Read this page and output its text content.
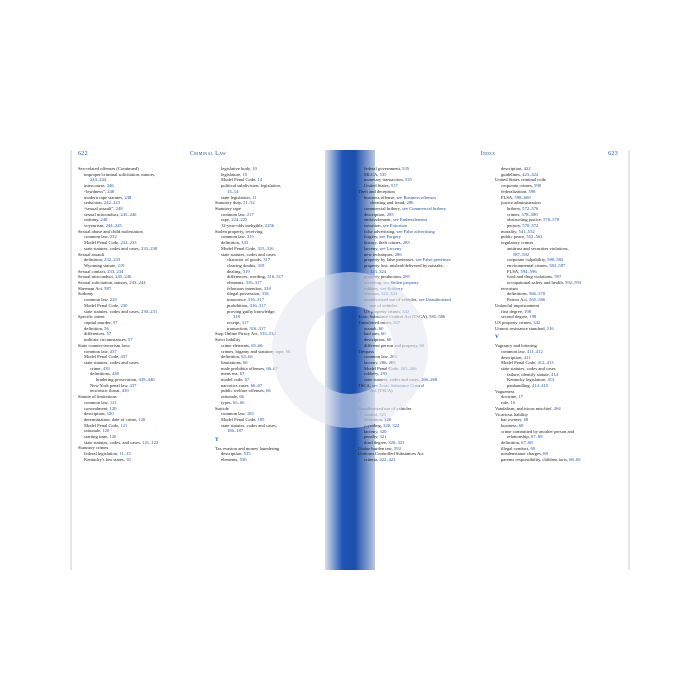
622	Criminal Law
Sex-related offenses (Continued)
improper/criminal solicitation, minors,
243–244
intercourse, 246
“lewdness”, 248
modern rape statutes, 248
seduction, 242–243
“sexual assault”, 248
sexual misconduct, 245–246
sodomy, 248
voyeurism, 244–245
Sexual abuse and child molestation
common law, 232
Model Penal Code, 232–233
state statutes, codes and cases, 233–238
Sexual assault
definition, 232–233
Wyoming statute, 219
Sexual contact, 233, 234
Sexual misconduct, 245–246
Sexual solicitation, minors, 243–244
Sherman Act, 587
Sodomy
common law, 229
Model Penal Code, 230
state statutes, codes and cases, 230–231
Specific intent
capital murder, 57
definition, 56
differences, 57
indicate circumstances, 57
State counter-terrorism laws
common law, 437
Model Penal Code, 437
state statutes, codes and cases
crime, 439
definitions, 438
hindering prosecution, 439–440
New York penal law, 437
terroristic threat, 439
Statute of limitations
common law, 121
concealment, 120
description, 120
determination, date of crime, 120
Model Penal Code, 121
rationale, 120
starting time, 120
state statutes, codes, and cases, 121–122
Statutory crimes
federal legislation, 11–13
Kentucky's law states, 10
legislative body, 10
legislature, 10
Model Penal Code, 14
political subdivision, legislation,
13–14
state legislation, 11
Statutory duty, 51–52
Statutory rape
common law, 217
rape, 224–225
12-year-olds ineligible, 225b
Stolen property, receiving
common law, 315
definition, 343
Model Penal Code, 315–316
state statutes, codes and cases
character of goods, 317
clearing doubts, 318
dealing, 319
differences, wording, 316–317
elements, 316–317
felonious intention, 318
illegal possession, 318
innocence, 316–317
prohibition, 316–317
proving guilty knowledge,
318
receipt, 317
transaction, 316–317
Stop Online Piracy Act, 533–534
Strict liability
crime elements, 65–66
crimes, bigamy and statutory rape, 66
definition, 65–66
limitations, 66
male prohibita offenses, 66–67
mens rea, 67
model code, 67
narcotics cases, 66–67
public welfare offenses, 66
rationale, 66
types, 65–66
Suicide
common law, 185
Model Penal Code, 185
state statutes, codes and cases,
186–187
T
Tax evasion and money laundering
description, 535
elements, 536
Index	623
federal government, 535
MLCA, 535
monetary transaction, 535
United States, 537
Theft and deception
business offense, see Business offenses
cheating and fraud, 286
commercial bribery, see Commercial bribery
description, 285
embezzlement, see Embezzlement
extortion, see Extortion
false advertising, see False advertising
forgery, see Forgery
history, theft crimes, 285
larceny, see Larceny
new techniques, 286
property by false pretenses, see False pretenses
property lost, mislaid/delivered by mistake,
323–324
property production, 285
receiving, see Stolen property
robbery, see Robbery
services, 322–323
unauthorized use of vehicles, see Unauthorized
use of vehicles
US property crimes, 342
Toxic Substance Control Act (TSCA), 585–586
Transferred intent, 367
assault, 60
bad aim, 60
description, 60
different person and property, 60
Trespass
common law, 263
larceny, 286–288
Model Penal Code, 265–266
robbery, 293
state statutes, codes and cases, 266–268
TSCA, see Toxic Substance Control
Act (TSCA)
U
Unauthorized use of vehicles
control, 321
definition, 320
joyriding, 320, 322
larceny, 320
penalty, 321
third degree, 320–321
Undue burden test, 592
Uniform Controlled Substances Act
criteria, 422–423
description, 422
guidelines, 423–424
United States criminal code
corporate crimes, 598
federalization, 598
FLSA, 598–600
justice administration
bribery, 572–576
crimes, 578–580
obstructing justice, 576–578
perjury, 570–572
morality, 541–552
public peace, 552–563
regulatory crimes
antitrust and securities violations,
587–592
corporate culpability, 580–582
environmental crimes, 582–587
FLSA, 594–596
food and drug violations, 597
occupational safety and health, 592–593
terrorism
definitions, 566–570
Patriot Act, 565–566
Unlawful imprisonment
first degree, 198
second degree, 198
US property crimes, 342
Utmost resistance standard, 216
V
Vagrancy and loitering
common law, 411–412
description, 411
Model Penal Code, 412–413
state statutes, codes and cases
failure, identify statute, 414
Kentucky legislature, 413
panhandling, 414–415
Vagueness
doctrine, 17
rule, 16
Vandalism, malicious mischief, 264
Vicarious liability
bar owners, 68
business, 68
crime committed by another person and
relationship, 67–68
definition, 67–68
illegal conduct, 69
misdemeanor charges, 68
parents responsibility, children torts, 68–69
